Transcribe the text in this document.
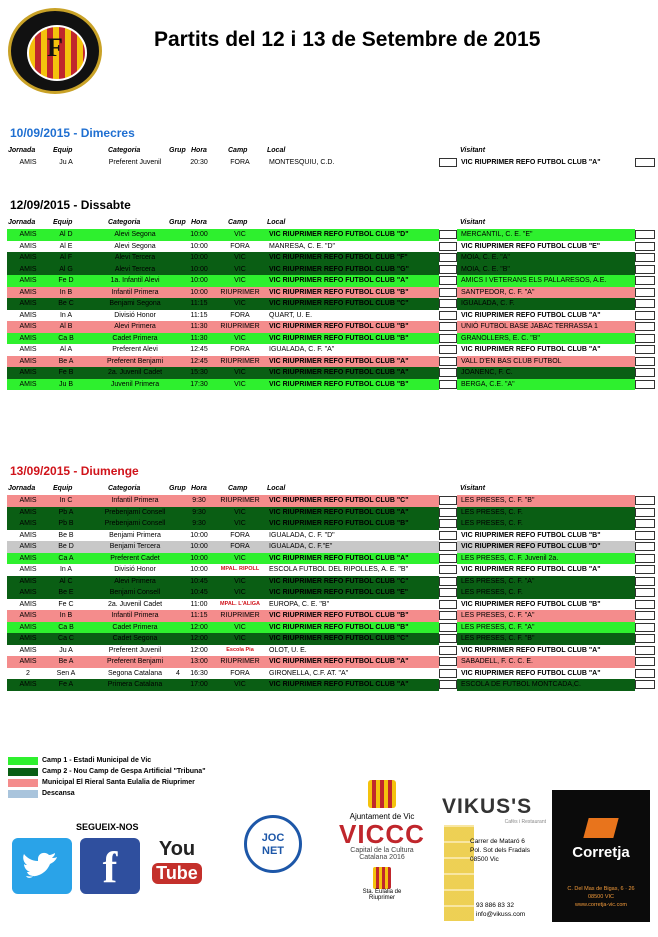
F	Partits del 12 i 13 de Setembre de 2015
10/09/2015 - Dimecres
Jornada	Equip	Categoria	Grup Hora	Camp	Local	Visitant
AMIS	Ju A	Preferent Juvenil	20:30	FORA	MONTESQUIU, C.D.	VIC RIUPRIMER REFO FUTBOL CLUB "A"
12/09/2015 - Dissabte
Jornada	Equip	Categoria	Grup Hora	Camp	Local	Visitant
AMIS	Al D	Alevi Segona	10:00	VIC	VIC RIUPRIMER REFO FUTBOL CLUB "D"	MERCANTIL, C. E. "E"
AMIS	Al E	Alevi Segona	10:00	FORA	MANRESA, C. E. "D"	VIC RIUPRIMER REFO FUTBOL CLUB "E"
AMIS	Al F	Alevi Tercera	10:00	VIC	VIC RIUPRIMER REFO FUTBOL CLUB "F"	MOIA, C. E. "A"
AMIS	Al G	Alevi Tercera	10:00	VIC	VIC RIUPRIMER REFO FUTBOL CLUB "G"	MOIA, C. E. "B"
AMIS	Fe D	1a. Infantil Alevi	10:00	VIC	VIC RIUPRIMER REFO FUTBOL CLUB "A"	AMICS I VETERANS ELS PALLARESOS, A.E.
AMIS	In B	Infantil Primera	10:00	RIUPRIMER	VIC RIUPRIMER REFO FUTBOL CLUB "B"	SANTPEDOR, C. F. "A"
AMIS	Be C	Benjami Segona	11:15	VIC	VIC RIUPRIMER REFO FUTBOL CLUB "C"	IGUALADA, C. F.
AMIS	In A	Divisió Honor	11:15	FORA	QUART, U. E.	VIC RIUPRIMER REFO FUTBOL CLUB "A"
AMIS	Al B	Alevi Primera	11:30	RIUPRIMER	VIC RIUPRIMER REFO FUTBOL CLUB "B"	UNIÓ FUTBOL BASE JABAC TERRASSA 1
AMIS	Ca B	Cadet Primera	11:30	VIC	VIC RIUPRIMER REFO FUTBOL CLUB "B"	GRANOLLERS, E. C. "B"
AMIS	Al A	Preferent Alevi	12:45	FORA	IGUALADA, C. F. "A"	VIC RIUPRIMER REFO FUTBOL CLUB "A"
AMIS	Be A	Preferent Benjami	12:45	RIUPRIMER	VIC RIUPRIMER REFO FUTBOL CLUB "A"	VALL D'EN BAS CLUB FUTBOL
AMIS	Fe B	2a. Juvenil Cadet	15:30	VIC	VIC RIUPRIMER REFO FUTBOL CLUB "A"	JOANENC, F. C.
AMIS	Ju B	Juvenil Primera	17:30	VIC	VIC RIUPRIMER REFO FUTBOL CLUB "B"	BERGA, C.E. "A"
13/09/2015 - Diumenge
Jornada	Equip	Categoria	Grup Hora	Camp	Local	Visitant
AMIS	In C	Infantil Primera	9:30	RIUPRIMER	VIC RIUPRIMER REFO FUTBOL CLUB "C"	LES PRESES, C. F. "B"
AMIS	Pb A	Prebenjami Consell	9:30	VIC	VIC RIUPRIMER REFO FUTBOL CLUB "A"	LES PRESES, C. F.
AMIS	Pb B	Prebenjami Consell	9:30	VIC	VIC RIUPRIMER REFO FUTBOL CLUB "B"	LES PRESES, C. F.
AMIS	Be B	Benjami Primera	10:00	FORA	IGUALADA, C. F. "D"	VIC RIUPRIMER REFO FUTBOL CLUB "B"
AMIS	Be D	Benjami Tercera	10:00	FORA	IGUALADA, C. F."E"	VIC RIUPRIMER REFO FUTBOL CLUB "D"
AMIS	Ca A	Preferent Cadet	10:00	VIC	VIC RIUPRIMER REFO FUTBOL CLUB "A"	LES PRESES, C. F. Juvenil 2a.
AMIS	In A	Divisió Honor	10:00	MPAL. RIPOLL	ESCOLA FUTBOL DEL RIPOLLES, A. E. "B"	VIC RIUPRIMER REFO FUTBOL CLUB "A"
AMIS	Al C	Alevi Primera	10:45	VIC	VIC RIUPRIMER REFO FUTBOL CLUB "C"	LES PRESES, C. F. "A"
AMIS	Be E	Benjami Consell	10:45	VIC	VIC RIUPRIMER REFO FUTBOL CLUB "E"	LES PRESES, C. F.
AMIS	Fe C	2a. Juvenil Cadet	11:00	MPAL. L'ALIGA	EUROPA, C. E. "B"	VIC RIUPRIMER REFO FUTBOL CLUB "B"
AMIS	In B	Infantil Primera	11:15	RIUPRIMER	VIC RIUPRIMER REFO FUTBOL CLUB "B"	LES PRESES, C. F. "A"
AMIS	Ca B	Cadet Primera	12:00	VIC	VIC RIUPRIMER REFO FUTBOL CLUB "B"	LES PRESES, C. F. "A"
AMIS	Ca C	Cadet Segona	12:00	VIC	VIC RIUPRIMER REFO FUTBOL CLUB "C"	LES PRESES, C. F. "B"
AMIS	Ju A	Preferent Juvenil	12:00	Escola Pia	OLOT, U. E.	VIC RIUPRIMER REFO FUTBOL CLUB "A"
AMIS	Be A	Preferent Benjami	13:00	RIUPRIMER	VIC RIUPRIMER REFO FUTBOL CLUB "A"	SABADELL, F. C. C. E.
2	Sen A	Segona Catalana	4	16:30	FORA	GIRONELLA, C.F. AT. "A"	VIC RIUPRIMER REFO FUTBOL CLUB "A"
AMIS	Fe A	Primera Catalana	17:00	VIC	VIC RIUPRIMER REFO FUTBOL CLUB "A"	ESCOLA DE FUTBOL MONTCADA,C.
Camp 1 - Estadi Municipal de Vic
Camp 2 - Nou Camp de Gespa Artificial "Tribuna"
Municipal El Rieral Santa Eulalia de Riuprimer
Descansa
SEGUEIX-NOS
f	You
Tube
JOC
NET
Ajuntament de Vic
VICCC
Capital de la Cultura
Catalana 2016
Sta. Eulàlia de
Riuprimer
VIKUS'S
Cafès i Restaurant
Carrer de Mataró 6
Pol. Sot dels Fradals
08500 Vic
93 886 83 32
info@vikuss.com
Corretja
C. Del Mas de Bigas, 6 · 26
08500 VIC
www.corretja-vic.com
